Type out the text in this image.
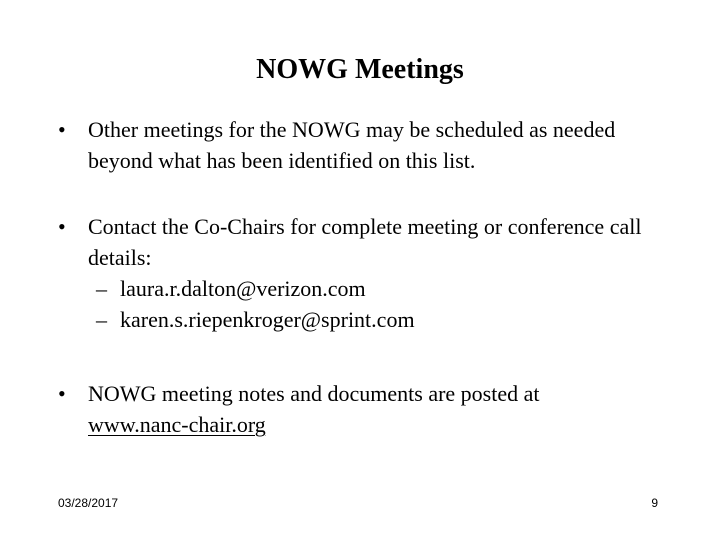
NOWG Meetings
•	Other meetings for the NOWG may be scheduled as needed beyond what has been identified on this list.
•	Contact the Co-Chairs for complete meeting or conference call details:
– laura.r.dalton@verizon.com
– karen.s.riepenkroger@sprint.com
•	NOWG meeting notes and documents are posted at
www.nanc-chair.org
03/28/2017	9
